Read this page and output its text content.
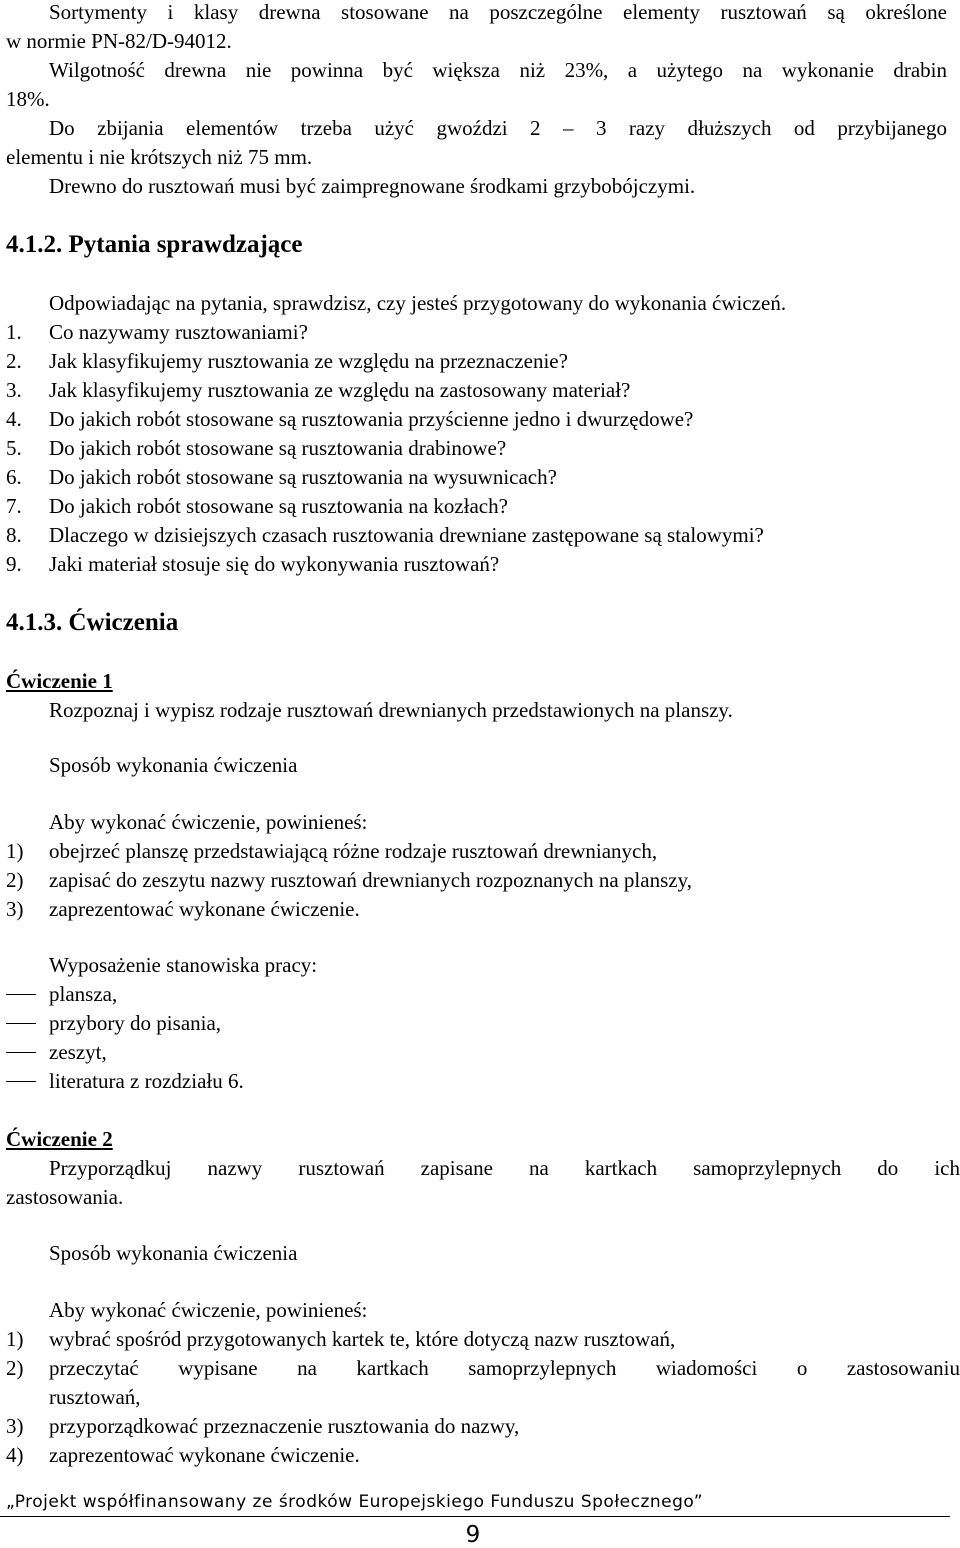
Sortymenty i klasy drewna stosowane na poszczególne elementy rusztowań są określone
w normie PN-82/D-94012.
Wilgotność drewna nie powinna być większa niż 23%, a użytego na wykonanie drabin
18%.
Do zbijania elementów trzeba użyć gwoździ 2 – 3 razy dłuższych od przybijanego
elementu i nie krótszych niż 75 mm.
Drewno do rusztowań musi być zaimpregnowane środkami grzybobójczymi.
4.1.2. Pytania sprawdzające
Odpowiadając na pytania, sprawdzisz, czy jesteś przygotowany do wykonania ćwiczeń.
1. Co nazywamy rusztowaniami?
2. Jak klasyfikujemy rusztowania ze względu na przeznaczenie?
3. Jak klasyfikujemy rusztowania ze względu na zastosowany materiał?
4. Do jakich robót stosowane są rusztowania przyścienne jedno i dwurzędowe?
5. Do jakich robót stosowane są rusztowania drabinowe?
6. Do jakich robót stosowane są rusztowania na wysuwnicach?
7. Do jakich robót stosowane są rusztowania na kozłach?
8. Dlaczego w dzisiejszych czasach rusztowania drewniane zastępowane są stalowymi?
9. Jaki materiał stosuje się do wykonywania rusztowań?
4.1.3. Ćwiczenia
Ćwiczenie 1
Rozpoznaj i wypisz rodzaje rusztowań drewnianych przedstawionych na planszy.
Sposób wykonania ćwiczenia
Aby wykonać ćwiczenie, powinieneś:
1) obejrzeć planszę przedstawiającą różne rodzaje rusztowań drewnianych,
2) zapisać do zeszytu nazwy rusztowań drewnianych rozpoznanych na planszy,
3) zaprezentować wykonane ćwiczenie.
Wyposażenie stanowiska pracy:
plansza,
przybory do pisania,
zeszyt,
literatura z rozdziału 6.
Ćwiczenie 2
Przyporządkuj nazwy rusztowań zapisane na kartkach samoprzylepnych do ich
zastosowania.
Sposób wykonania ćwiczenia
Aby wykonać ćwiczenie, powinieneś:
1) wybrać spośród przygotowanych kartek te, które dotyczą nazw rusztowań,
2) przeczytać wypisane na kartkach samoprzylepnych wiadomości o zastosowaniu
rusztowań,
3) przyporządkować przeznaczenie rusztowania do nazwy,
4) zaprezentować wykonane ćwiczenie.
„Projekt współfinansowany ze środków Europejskiego Funduszu Społecznego”
9
